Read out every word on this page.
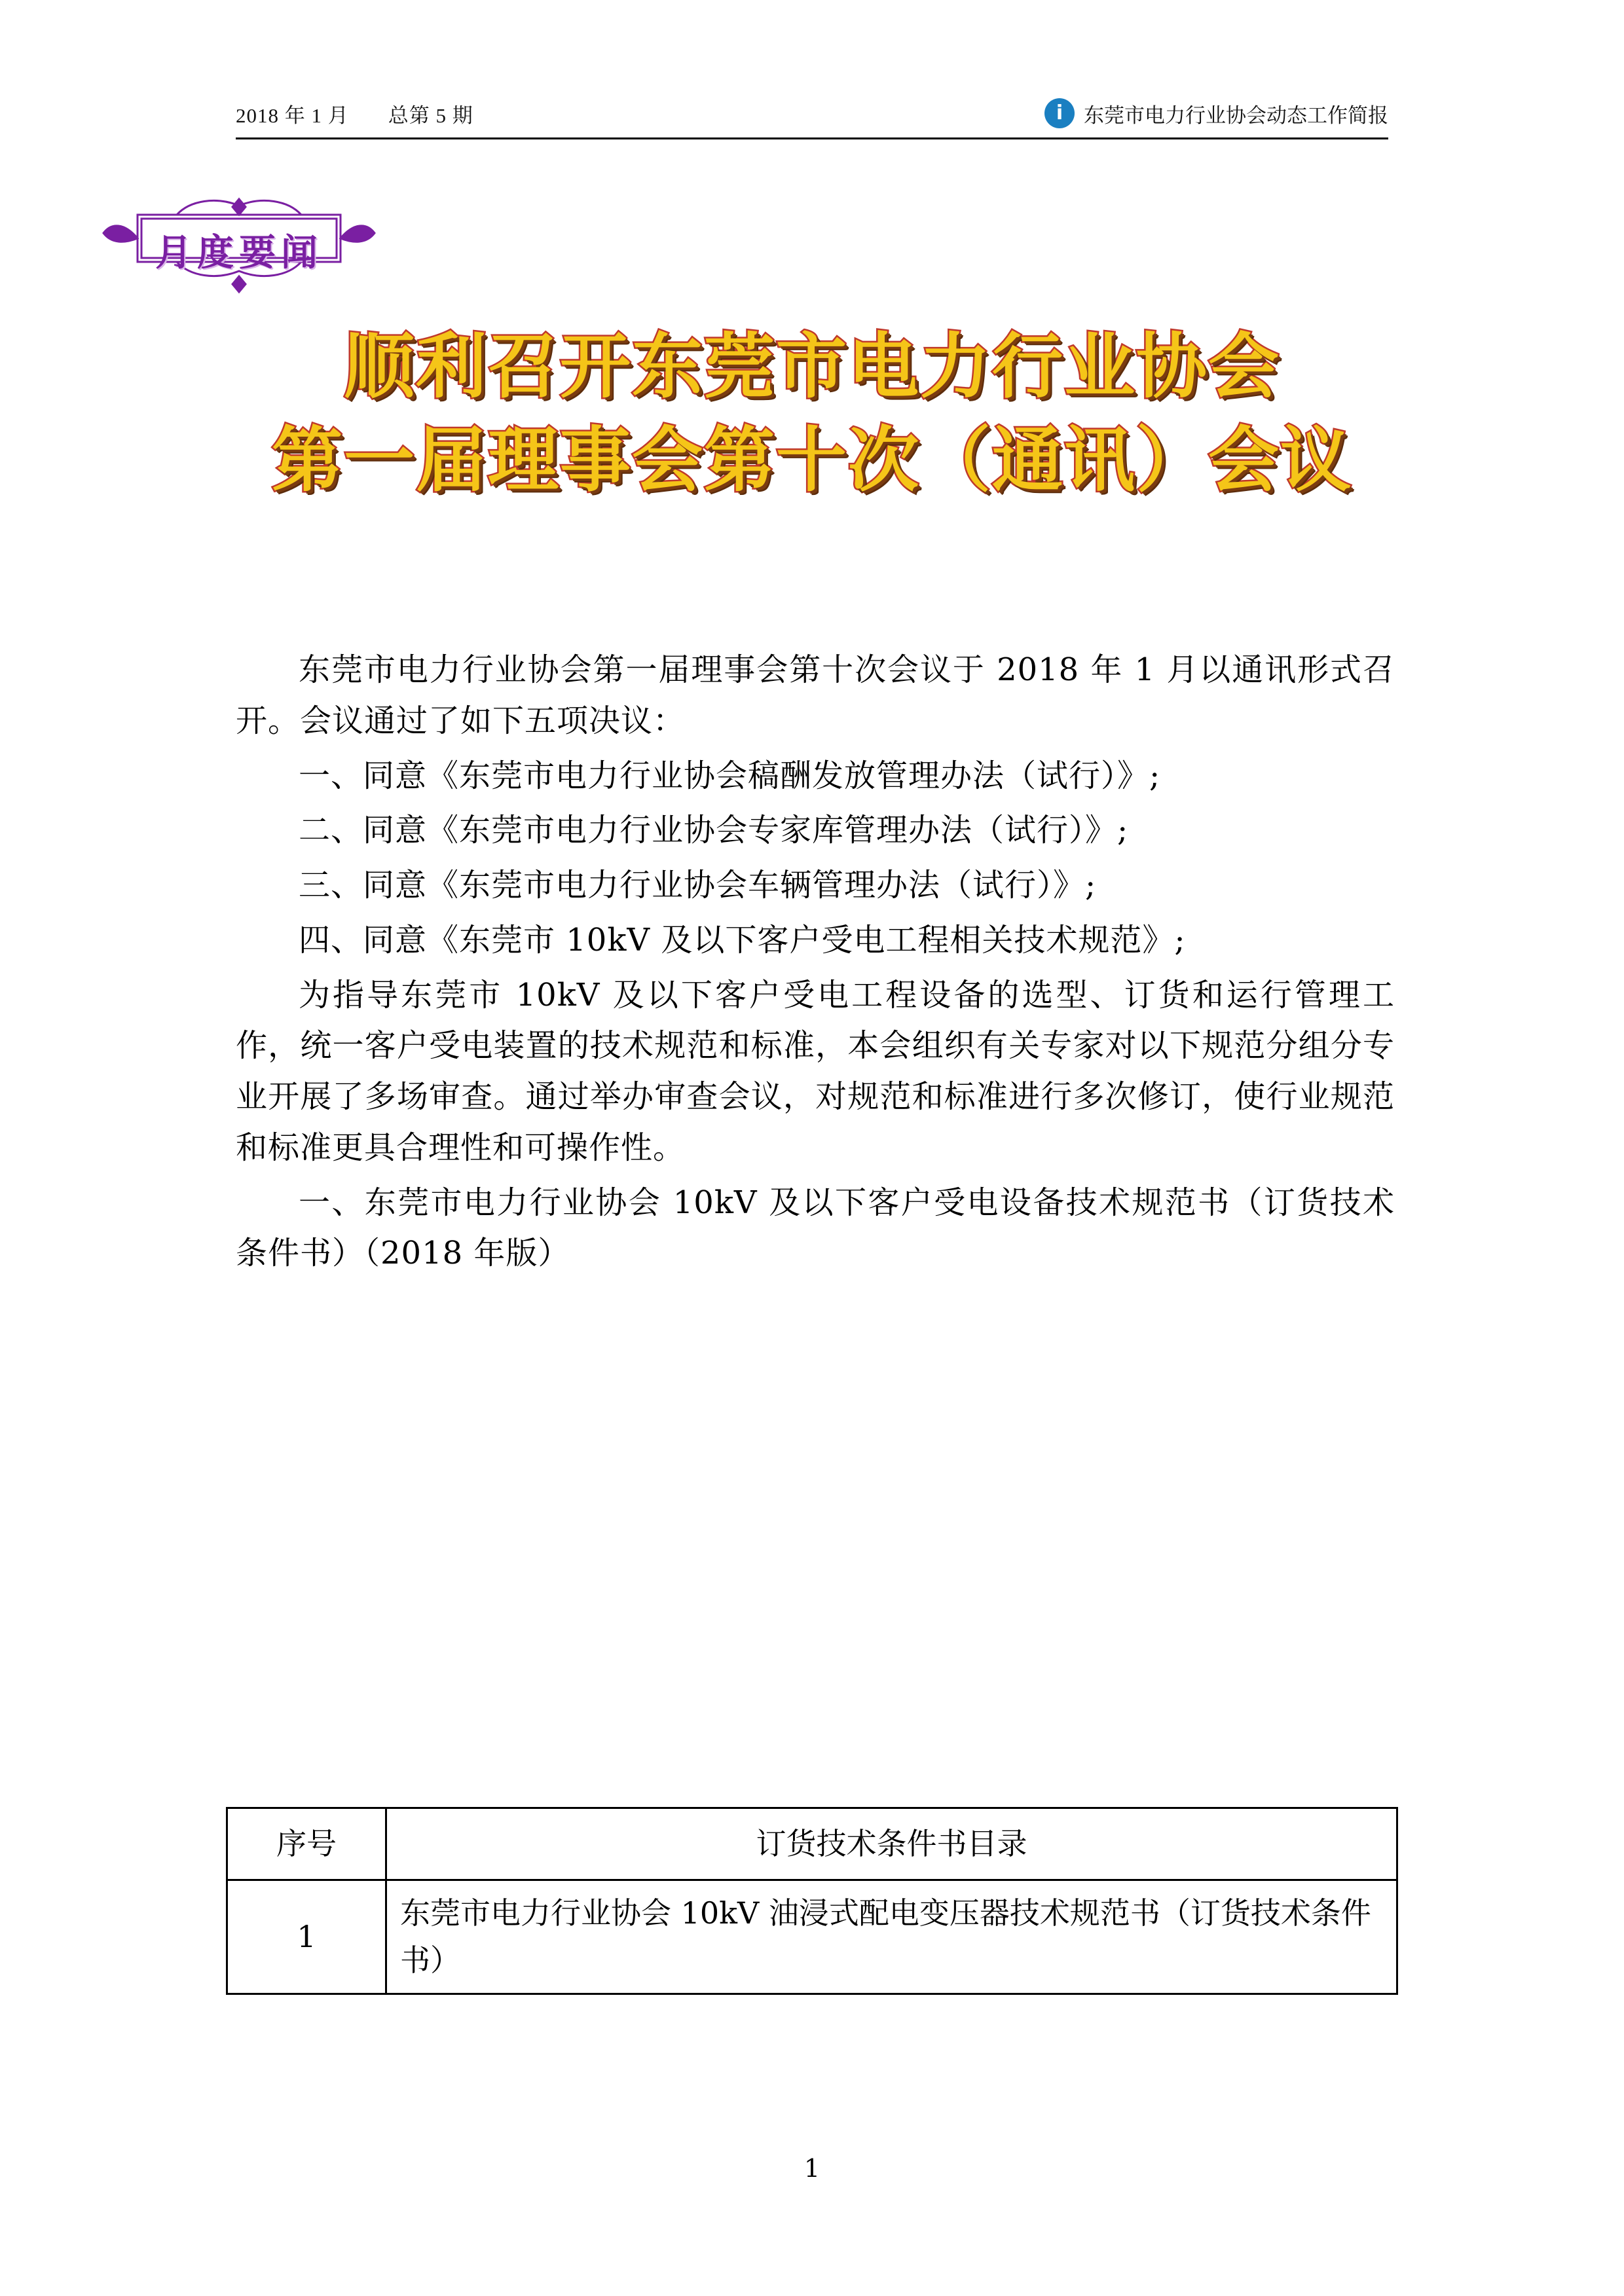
2018 年 1 月 总第 5 期	i	东莞市电力行业协会动态工作简报
月度要闻
顺利召开东莞市电力行业协会
第一届理事会第十次（通讯）会议

东莞市电力行业协会第一届理事会第十次会议于 2018 年 1 月以通讯形式召开。会议通过了如下五项决议：

一、同意《东莞市电力行业协会稿酬发放管理办法（试行）》;

二、同意《东莞市电力行业协会专家库管理办法（试行）》;

三、同意《东莞市电力行业协会车辆管理办法（试行）》;

四、同意《东莞市 10kV 及以下客户受电工程相关技术规范》;

为指导东莞市 10kV 及以下客户受电工程设备的选型、订货和运行管理工作，统一客户受电装置的技术规范和标准，本会组织有关专家对以下规范分组分专业开展了多场审查。通过举办审查会议，对规范和标准进行多次修订，使行业规范和标准更具合理性和可操作性。

一、东莞市电力行业协会 10kV 及以下客户受电设备技术规范书（订货技术条件书）（2018 年版）

序号	订货技术条件书目录
1	东莞市电力行业协会 10kV 油浸式配电变压器技术规范书（订货技术条件书）
1
